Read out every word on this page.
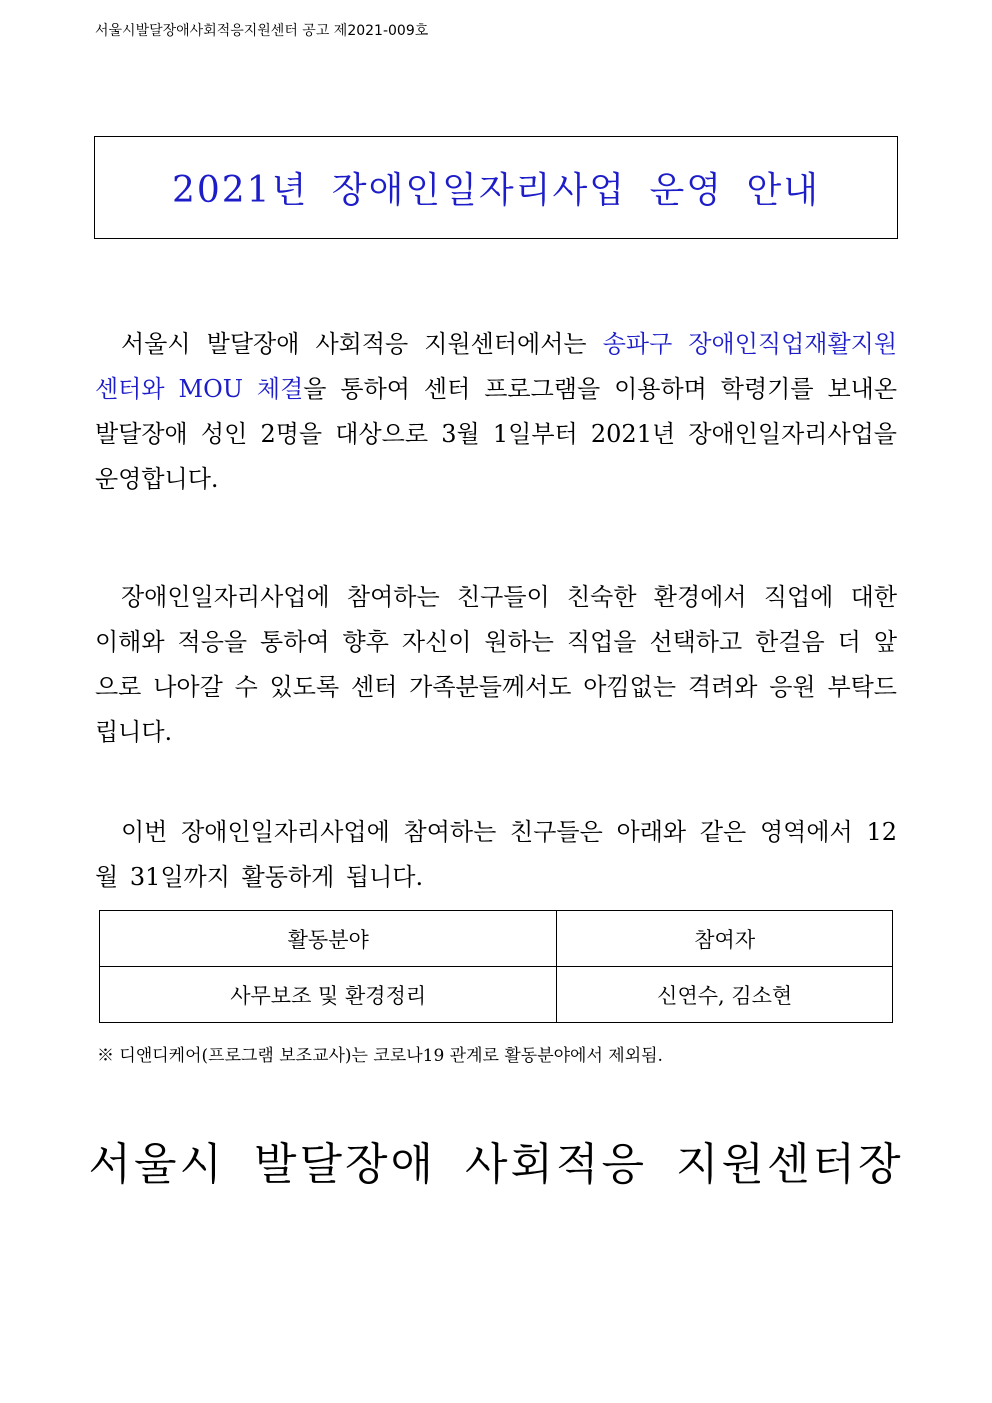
서울시발달장애사회적응지원센터 공고 제2021-009호
2021년 장애인일자리사업 운영 안내
서울시 발달장애 사회적응 지원센터에서는 송파구 장애인직업재활지원센터와 MOU 체결을 통하여 센터 프로그램을 이용하며 학령기를 보내온 발달장애 성인 2명을 대상으로 3월 1일부터 2021년 장애인일자리사업을 운영합니다.
장애인일자리사업에 참여하는 친구들이 친숙한 환경에서 직업에 대한 이해와 적응을 통하여 향후 자신이 원하는 직업을 선택하고 한걸음 더 앞으로 나아갈 수 있도록 센터 가족분들께서도 아낌없는 격려와 응원 부탁드립니다.
이번 장애인일자리사업에 참여하는 친구들은 아래와 같은 영역에서 12월 31일까지 활동하게 됩니다.
활동분야	참여자
사무보조 및 환경정리	신연수, 김소현
※ 디앤디케어(프로그램 보조교사)는 코로나19 관계로 활동분야에서 제외됨.
서울시 발달장애 사회적응 지원센터장
